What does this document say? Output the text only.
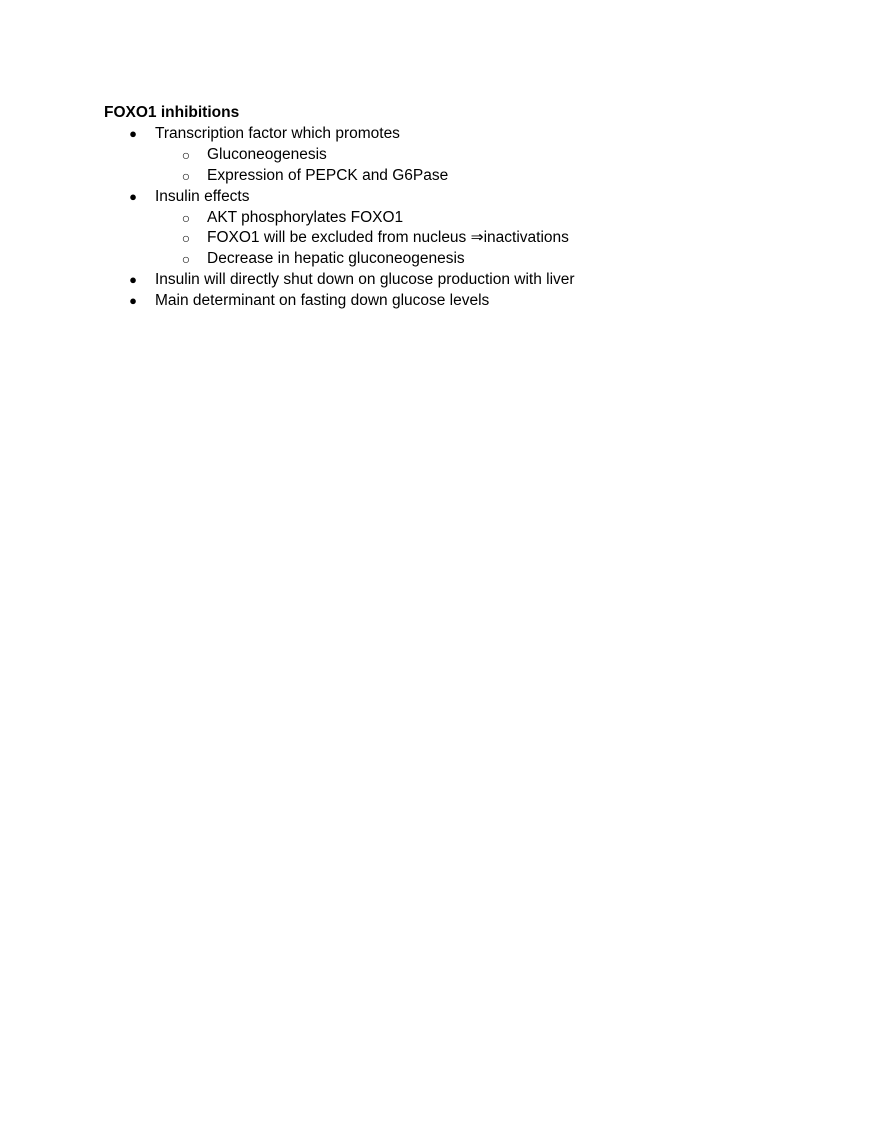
FOXO1 inhibitions
● Transcription factor which promotes
○ Gluconeogenesis
○ Expression of PEPCK and G6Pase
● Insulin effects
○ AKT phosphorylates FOXO1
○ FOXO1 will be excluded from nucleus ⇒inactivations
○ Decrease in hepatic gluconeogenesis
● Insulin will directly shut down on glucose production with liver
● Main determinant on fasting down glucose levels
